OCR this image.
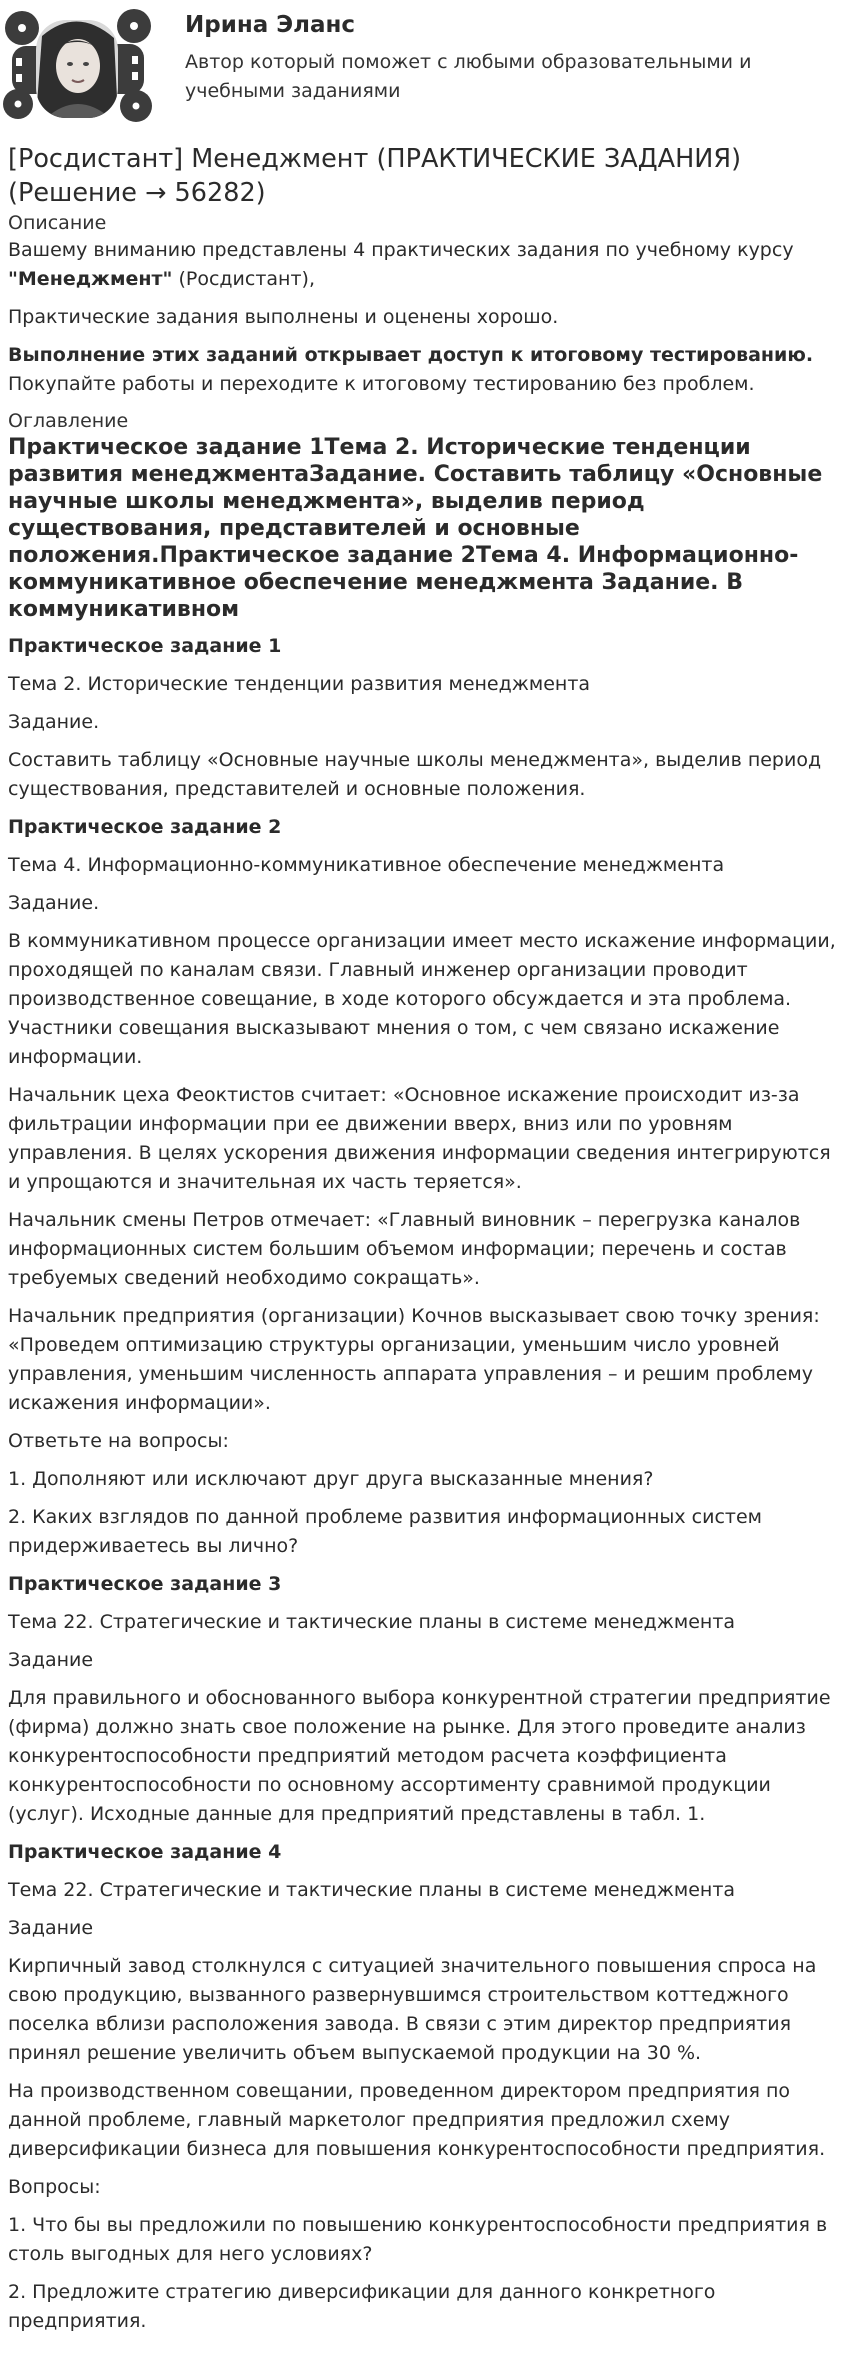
Ирина Эланс
Автор который поможет с любыми образовательными и учебными заданиями
[Росдистант] Менеджмент (ПРАКТИЧЕСКИЕ ЗАДАНИЯ) (Решение → 56282)
Описание

Вашему вниманию представлены 4 практических задания по учебному курсу "Менеджмент" (Росдистант),

Практические задания выполнены и оценены хорошо.

Выполнение этих заданий открывает доступ к итоговому тестированию.

Покупайте работы и переходите к итоговому тестированию без проблем.

Оглавление
Практическое задание 1Тема 2. Исторические тенденции развития менеджментаЗадание. Составить таблицу «Основные научные школы менеджмента», выделив период существования, представителей и основные положения.Практическое задание 2Тема 4. Информационно-коммуникативное обеспечение менеджмента Задание. В коммуникативном

Практическое задание 1

Тема 2. Исторические тенденции развития менеджмента

Задание.

Составить таблицу «Основные научные школы менеджмента», выделив период существования, представителей и основные положения.

Практическое задание 2

Тема 4. Информационно-коммуникативное обеспечение менеджмента

Задание.

В коммуникативном процессе организации имеет место искажение информации, проходящей по каналам связи. Главный инженер организации проводит производственное совещание, в ходе которого обсуждается и эта проблема. Участники совещания высказывают мнения о том, с чем связано искажение информации.

Начальник цеха Феоктистов считает: «Основное искажение происходит из-за фильтрации информации при ее движении вверх, вниз или по уровням управления. В целях ускорения движения информации сведения интегрируются и упрощаются и значительная их часть теряется».

Начальник смены Петров отмечает: «Главный виновник – перегрузка каналов информационных систем большим объемом информации; перечень и состав требуемых сведений необходимо сокращать».

Начальник предприятия (организации) Кочнов высказывает свою точку зрения: «Проведем оптимизацию структуры организации, уменьшим число уровней управления, уменьшим численность аппарата управления – и решим проблему искажения информации».

Ответьте на вопросы:

1. Дополняют или исключают друг друга высказанные мнения?

2. Каких взглядов по данной проблеме развития информационных систем придерживаетесь вы лично?

Практическое задание 3

Тема 22. Стратегические и тактические планы в системе менеджмента

Задание

Для правильного и обоснованного выбора конкурентной стратегии предприятие (фирма) должно знать свое положение на рынке. Для этого проведите анализ конкурентоспособности предприятий методом расчета коэффициента конкурентоспособности по основному ассортименту сравнимой продукции (услуг). Исходные данные для предприятий представлены в табл. 1.

Практическое задание 4

Тема 22. Стратегические и тактические планы в системе менеджмента

Задание

Кирпичный завод столкнулся с ситуацией значительного повышения спроса на свою продукцию, вызванного развернувшимся строительством коттеджного поселка вблизи расположения завода. В связи с этим директор предприятия принял решение увеличить объем выпускаемой продукции на 30 %.

На производственном совещании, проведенном директором предприятия по данной проблеме, главный маркетолог предприятия предложил схему диверсификации бизнеса для повышения конкурентоспособности предприятия.

Вопросы:

1. Что бы вы предложили по повышению конкурентоспособности предприятия в столь выгодных для него условиях?

2. Предложите стратегию диверсификации для данного конкретного предприятия.
